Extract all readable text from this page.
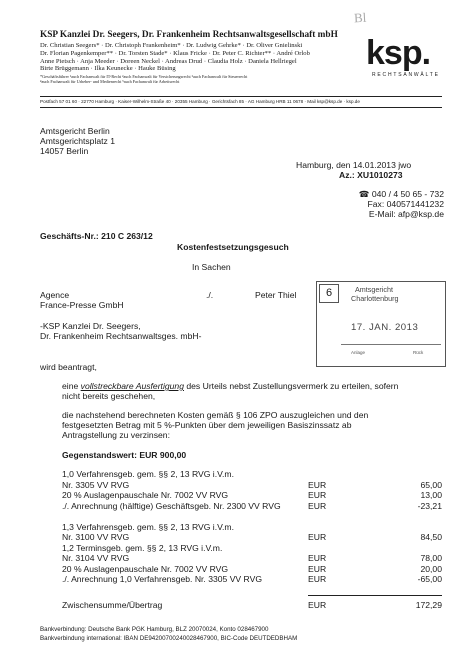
Bl
KSP Kanzlei Dr. Seegers, Dr. Frankenheim Rechtsanwaltsgesellschaft mbH
Dr. Christian Seegers* · Dr. Christoph Frankenheim* · Dr. Ludwig Gehrke* · Dr. Oliver Gnielinski
Dr. Florian Pagenkemper** · Dr. Torsten Stade* · Klaus Fricke · Dr. Peter C. Richter** · André Orlob
Anne Pietsch · Anja Meeder · Doreen Neckel · Andreas Drud · Claudia Holz · Daniela Hellriegel
Birte Brüggemann · Ilka Keunecke · Hauke Büsing
*Geschäftsführer ¹auch Fachanwalt für IT-Recht ²auch Fachanwalt für Versicherungsrecht ³auch Fachanwalt für Steuerrecht
⁴auch Fachanwalt für Urheber- und Medienrecht ⁵auch Fachanwalt für Arbeitsrecht
ksp.
RECHTSANWÄLTE
Postfach 57 01 60 · 22770 Hamburg · Kaiser-Wilhelm-Straße 40 · 20355 Hamburg · Gerichtsfach 85 · AG Hamburg HRB 11 0678 · Mail ksp@ksp.de · ksp.de
Amtsgericht Berlin
Amtsgerichtsplatz 1
14057 Berlin
Hamburg, den 14.01.2013 jwo
Az.: XU1010273
☎ 040 / 4 50 65 - 732
Fax: 040571441232
E-Mail: afp@ksp.de
Geschäfts-Nr.: 210 C 263/12
Kostenfestsetzungsgesuch
In Sachen
Agence
France-Presse GmbH
./.	Peter Thiel
-KSP Kanzlei Dr. Seegers,
Dr. Frankenheim Rechtsanwaltsges. mbH-
6	Amtsgericht
Charlottenburg
17. JAN. 2013
Anlage	Rück
wird beantragt,
eine vollstreckbare Ausfertigung des Urteils nebst Zustellungsvermerk zu erteilen, sofern
nicht bereits geschehen,
die nachstehend berechneten Kosten gemäß § 106 ZPO auszugleichen und den
festgesetzten Betrag mit 5 %-Punkten über dem jeweiligen Basiszinssatz ab
Antragstellung zu verzinsen:
Gegenstandswert: EUR 900,00
1,0 Verfahrensgeb. gem. §§ 2, 13 RVG i.V.m.
Nr. 3305 VV RVG	EUR	65,00
20 % Auslagenpauschale Nr. 7002 VV RVG	EUR	13,00
./. Anrechnung (hälftige) Geschäftsgeb. Nr. 2300 VV RVG	EUR	-23,21
1,3 Verfahrensgeb. gem. §§ 2, 13 RVG i.V.m.
Nr. 3100 VV RVG	EUR	84,50
1,2 Terminsgeb. gem. §§ 2, 13 RVG i.V.m.
Nr. 3104 VV RVG	EUR	78,00
20 % Auslagenpauschale Nr. 7002 VV RVG	EUR	20,00
./. Anrechnung 1,0 Verfahrensgeb. Nr. 3305 VV RVG	EUR	-65,00
Zwischensumme/Übertrag	EUR	172,29
Bankverbindung: Deutsche Bank PGK Hamburg, BLZ 20070024, Konto 028467900
Bankverbindung international: IBAN DE94200700240028467900, BIC-Code DEUTDEDBHAM
